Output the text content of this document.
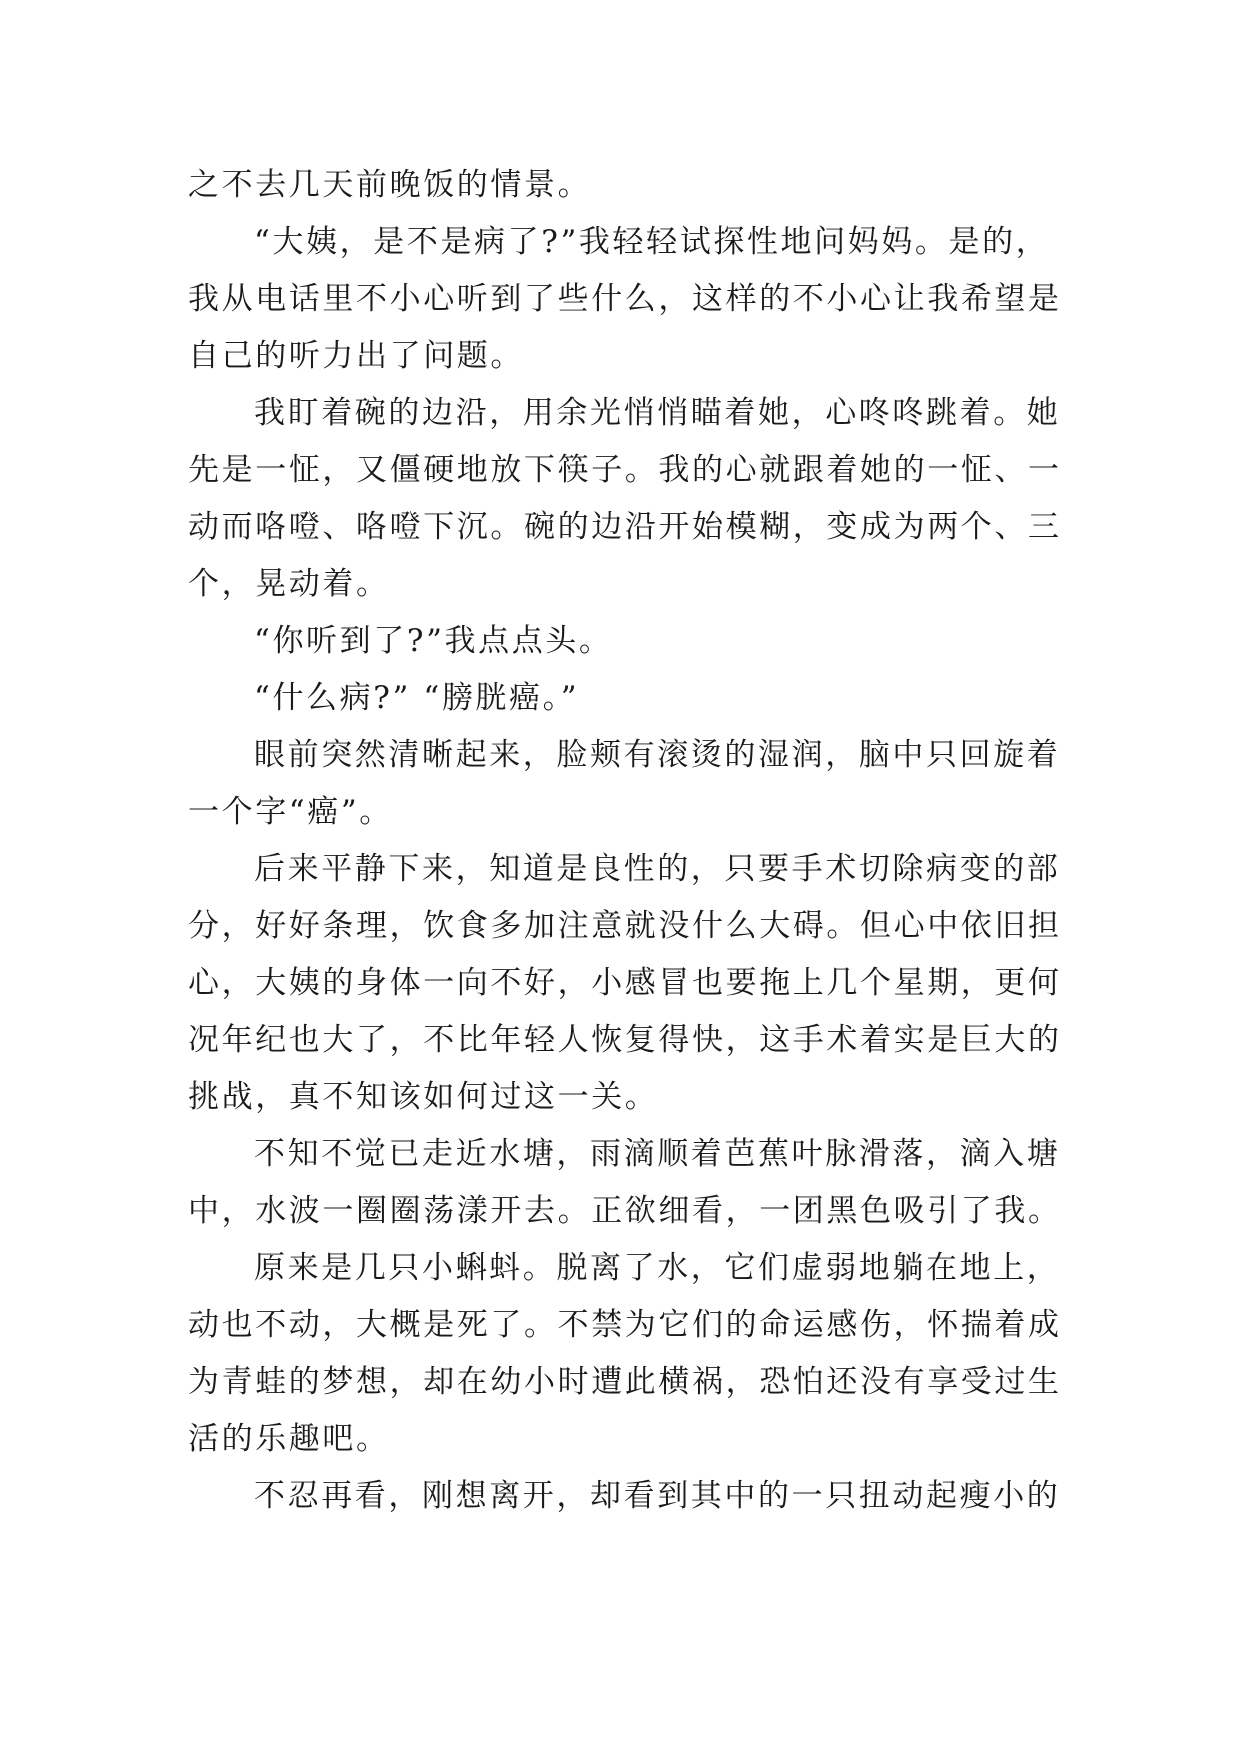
之不去几天前晚饭的情景。

“大姨，是不是病了?”我轻轻试探性地问妈妈。是的，
我从电话里不小心听到了些什么，这样的不小心让我希望是
自己的听力出了问题。

我盯着碗的边沿，用余光悄悄瞄着她，心咚咚跳着。她
先是一怔，又僵硬地放下筷子。我的心就跟着她的一怔、一
动而咯噔、咯噔下沉。碗的边沿开始模糊，变成为两个、三
个，晃动着。

“你听到了?”我点点头。

“什么病?” “膀胱癌。”

眼前突然清晰起来，脸颊有滚烫的湿润，脑中只回旋着
一个字“癌”。

后来平静下来，知道是良性的，只要手术切除病变的部
分，好好条理，饮食多加注意就没什么大碍。但心中依旧担
心，大姨的身体一向不好，小感冒也要拖上几个星期，更何
况年纪也大了，不比年轻人恢复得快，这手术着实是巨大的
挑战，真不知该如何过这一关。

不知不觉已走近水塘，雨滴顺着芭蕉叶脉滑落，滴入塘
中，水波一圈圈荡漾开去。正欲细看，一团黑色吸引了我。

原来是几只小蝌蚪。脱离了水，它们虚弱地躺在地上，
动也不动，大概是死了。不禁为它们的命运感伤，怀揣着成
为青蛙的梦想，却在幼小时遭此横祸，恐怕还没有享受过生
活的乐趣吧。

不忍再看，刚想离开，却看到其中的一只扭动起瘦小的
